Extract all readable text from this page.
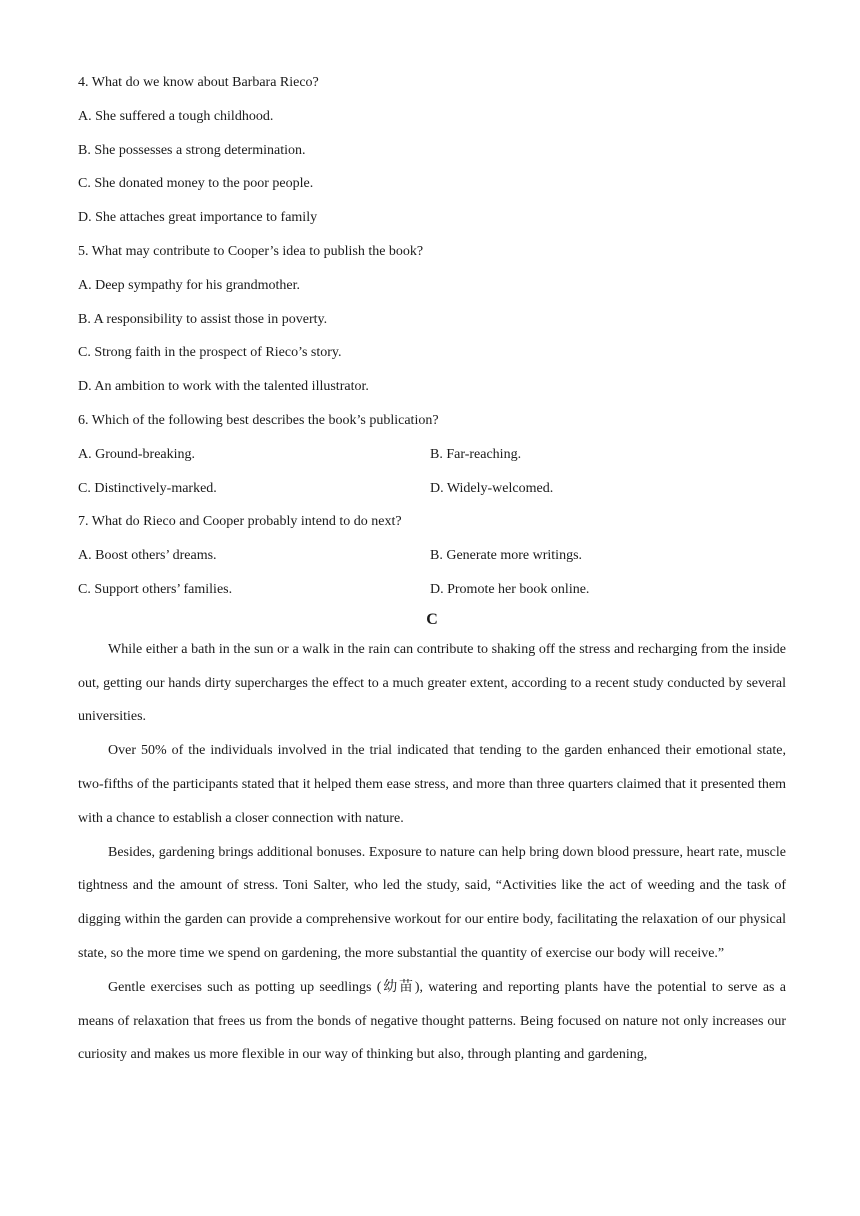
4. What do we know about Barbara Rieco?
A. She suffered a tough childhood.
B. She possesses a strong determination.
C. She donated money to the poor people.
D. She attaches great importance to family
5. What may contribute to Cooper’s idea to publish the book?
A. Deep sympathy for his grandmother.
B. A responsibility to assist those in poverty.
C. Strong faith in the prospect of Rieco’s story.
D. An ambition to work with the talented illustrator.
6. Which of the following best describes the book’s publication?
A. Ground-breaking.	B. Far-reaching.
C. Distinctively-marked.	D. Widely-welcomed.
7. What do Rieco and Cooper probably intend to do next?
A. Boost others’ dreams.	B. Generate more writings.
C. Support others’ families.	D. Promote her book online.
C

While either a bath in the sun or a walk in the rain can contribute to shaking off the stress and recharging from the inside out, getting our hands dirty supercharges the effect to a much greater extent, according to a recent study conducted by several universities.

Over 50% of the individuals involved in the trial indicated that tending to the garden enhanced their emotional state, two-fifths of the participants stated that it helped them ease stress, and more than three quarters claimed that it presented them with a chance to establish a closer connection with nature.

Besides, gardening brings additional bonuses. Exposure to nature can help bring down blood pressure, heart rate, muscle tightness and the amount of stress. Toni Salter, who led the study, said, “Activities like the act of weeding and the task of digging within the garden can provide a comprehensive workout for our entire body, facilitating the relaxation of our physical state, so the more time we spend on gardening, the more substantial the quantity of exercise our body will receive.”

Gentle exercises such as potting up seedlings (幼苗), watering and reporting plants have the potential to serve as a means of relaxation that frees us from the bonds of negative thought patterns. Being focused on nature not only increases our curiosity and makes us more flexible in our way of thinking but also, through planting and gardening,
